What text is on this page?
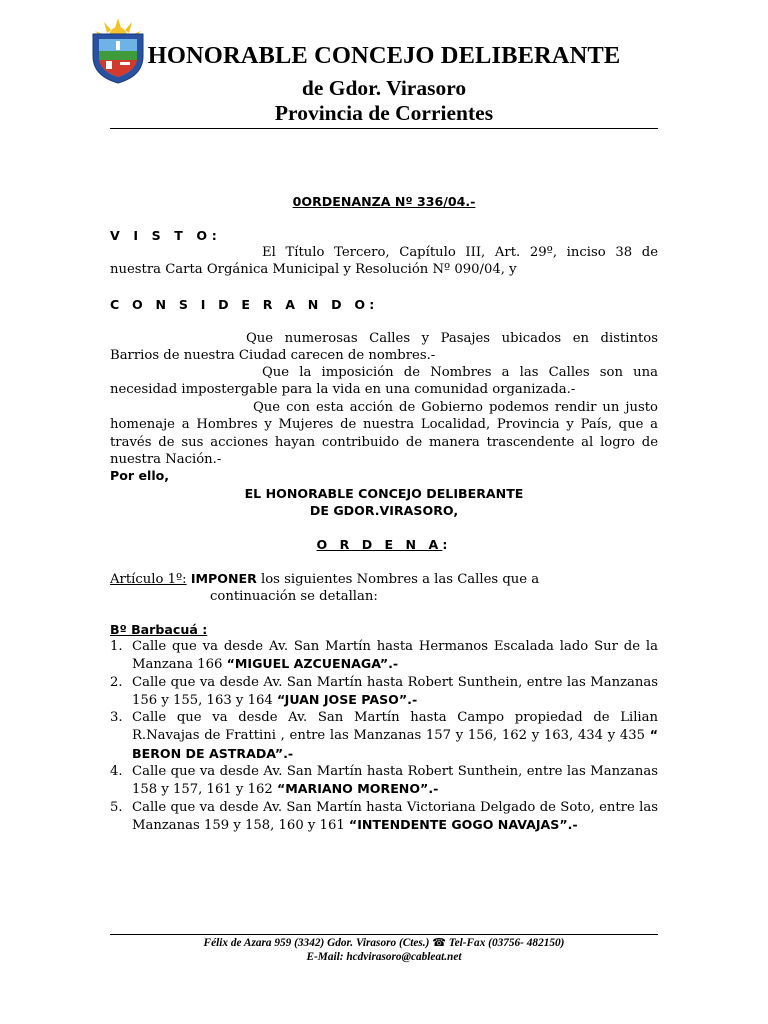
HONORABLE CONCEJO DELIBERANTE
de Gdor. Virasoro
Provincia de Corrientes
0ORDENANZA Nº 336/04.-
V I S T O:
El Título Tercero, Capítulo III, Art. 29º, inciso 38 de nuestra Carta Orgánica Municipal y Resolución Nº 090/04, y
C O N S I D E R A N D O:
Que numerosas Calles y Pasajes ubicados en distintos Barrios de nuestra Ciudad carecen de nombres.-
Que la imposición de Nombres a las Calles son una necesidad impostergable para la vida en una comunidad organizada.-
Que con esta acción de Gobierno podemos rendir un justo homenaje a Hombres y Mujeres de nuestra Localidad, Provincia y País, que a través de sus acciones hayan contribuido de manera trascendente al logro de nuestra Nación.-
Por ello,
EL HONORABLE CONCEJO DELIBERANTE
DE GDOR.VIRASORO,
O R D E N A:
Artículo 1º: IMPONER los siguientes Nombres a las Calles que a
continuación se detallan:
Bº Barbacuá :
1. Calle que va desde Av. San Martín hasta Hermanos Escalada lado Sur de la Manzana 166 “MIGUEL AZCUENAGA”.-
2. Calle que va desde Av. San Martín hasta Robert Sunthein, entre las Manzanas 156 y 155, 163 y 164 “JUAN JOSE PASO”.-
3. Calle que va desde Av. San Martín hasta Campo propiedad de Lilian R.Navajas de Frattini , entre las Manzanas 157 y 156, 162 y 163, 434 y 435 “ BERON DE ASTRADA”.-
4. Calle que va desde Av. San Martín hasta Robert Sunthein, entre las Manzanas 158 y 157, 161 y 162 “MARIANO MORENO”.-
5. Calle que va desde Av. San Martín hasta Victoriana Delgado de Soto, entre las Manzanas 159 y 158, 160 y 161 “INTENDENTE GOGO NAVAJAS”.-
Félix de Azara 959 (3342) Gdor. Virasoro (Ctes.) ☎ Tel-Fax (03756- 482150)
E-Mail: hcdvirasoro@cableat.net
